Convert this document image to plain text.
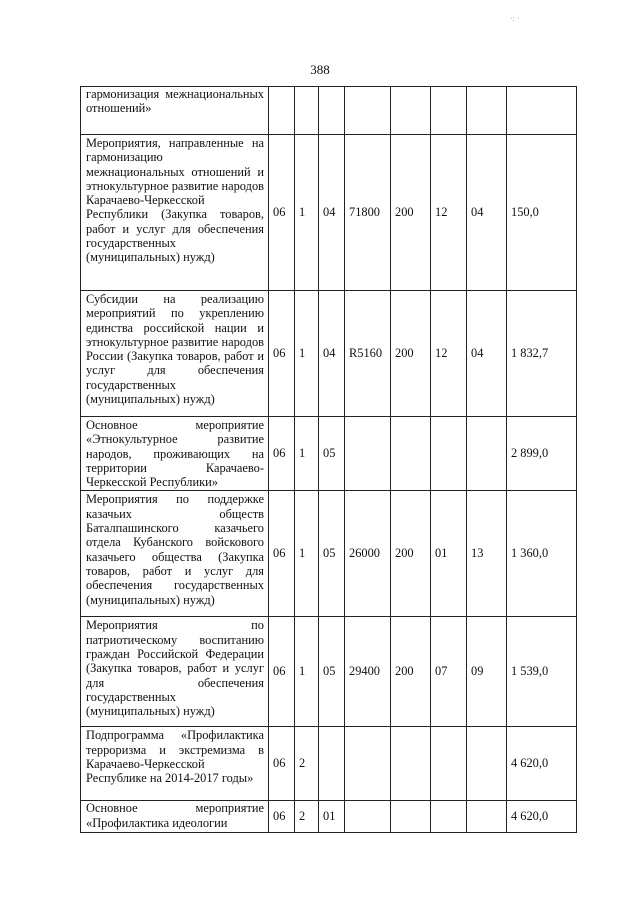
·: ·
388
гармонизация межнациональных отношений»								
Мероприятия, направленные на гармонизацию межнациональных отношений и этнокультурное развитие народов Карачаево-Черкесской Республики (Закупка товаров, работ и услуг для обеспечения государственных (муниципальных) нужд)	06	1	04	71800	200	12	04	150,0
Субсидии на реализацию мероприятий по укреплению единства российской нации и этнокультурное развитие народов России (Закупка товаров, работ и услуг для обеспечения государственных (муниципальных) нужд)	06	1	04	R5160	200	12	04	1 832,7
Основное мероприятие «Этнокультурное развитие народов, проживающих на территории Карачаево-Черкесской Республики»	06	1	05					2 899,0
Мероприятия по поддержке казачьих обществ Баталпашинского казачьего отдела Кубанского войскового казачьего общества (Закупка товаров, работ и услуг для обеспечения государственных (муниципальных) нужд)	06	1	05	26000	200	01	13	1 360,0
Мероприятия по патриотическому воспитанию граждан Российской Федерации (Закупка товаров, работ и услуг для обеспечения государственных (муниципальных) нужд)	06	1	05	29400	200	07	09	1 539,0
Подпрограмма «Профилактика терроризма и экстремизма в Карачаево-Черкесской Республике на 2014-2017 годы»	06	2						4 620,0
Основное мероприятие «Профилактика идеологии	06	2	01					4 620,0
